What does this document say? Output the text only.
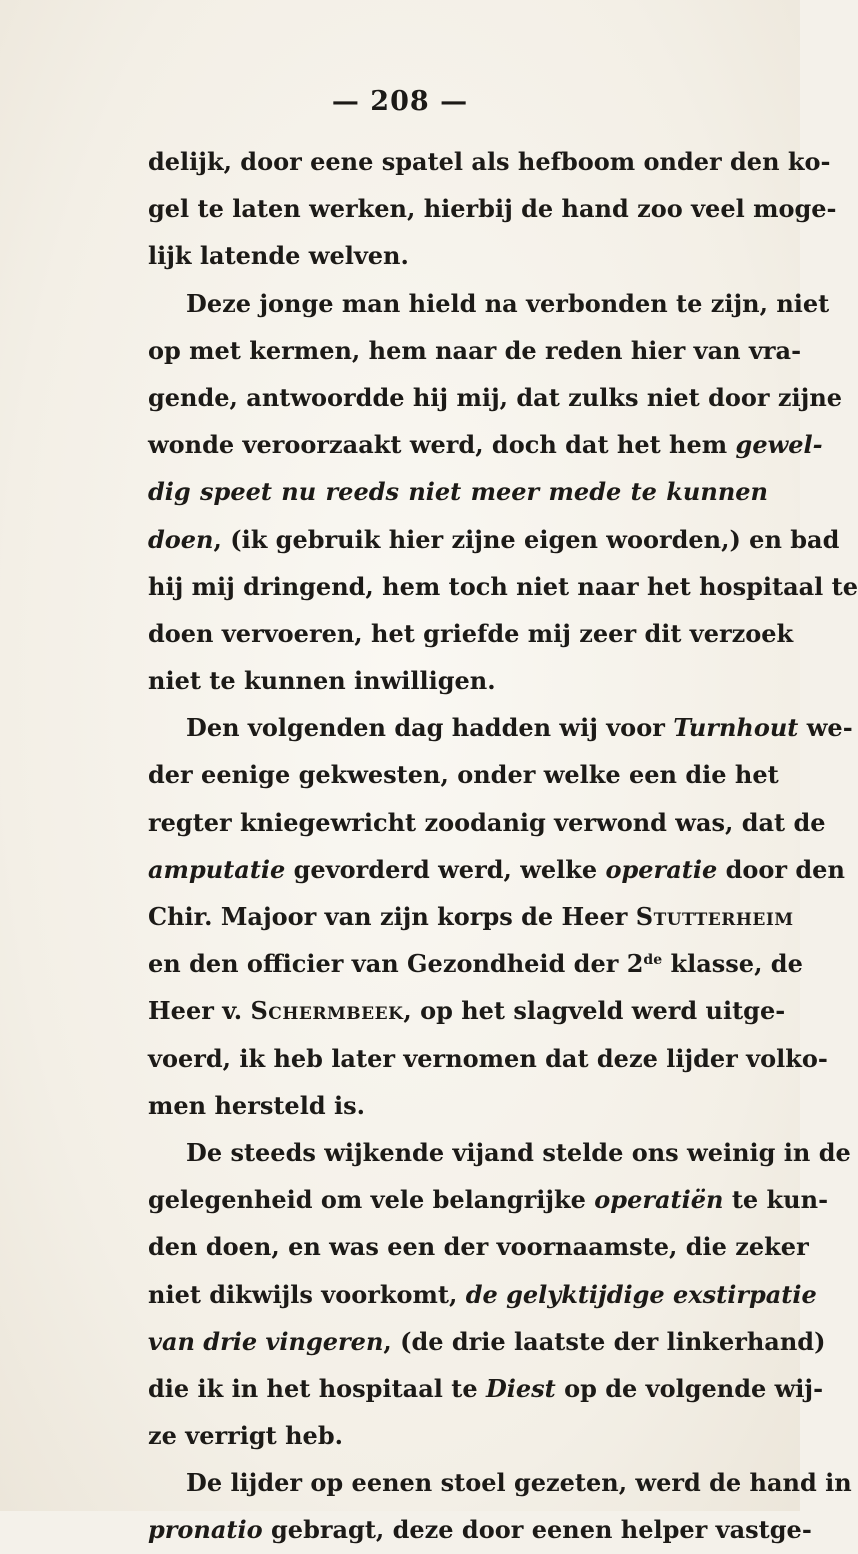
— 208 —
delijk, door eene spatel als hefboom onder den ko-
gel te laten werken, hierbij de hand zoo veel moge-
lijk latende welven.
Deze jonge man hield na verbonden te zijn, niet
op met kermen, hem naar de reden hier van vra-
gende, antwoordde hij mij, dat zulks niet door zijne
wonde veroorzaakt werd, doch dat het hem gewel-
dig speet nu reeds niet meer mede te kunnen
doen, (ik gebruik hier zijne eigen woorden,) en bad
hij mij dringend, hem toch niet naar het hospitaal te
doen vervoeren, het griefde mij zeer dit verzoek
niet te kunnen inwilligen.
Den volgenden dag hadden wij voor Turnhout we-
der eenige gekwesten, onder welke een die het
regter kniegewricht zoodanig verwond was, dat de
amputatie gevorderd werd, welke operatie door den
Chir. Majoor van zijn korps de Heer Stutterheim
en den officier van Gezondheid der 2de klasse, de
Heer v. Schermbeek, op het slagveld werd uitge-
voerd, ik heb later vernomen dat deze lijder volko-
men hersteld is.
De steeds wijkende vijand stelde ons weinig in de
gelegenheid om vele belangrijke operatiën te kun-
den doen, en was een der voornaamste, die zeker
niet dikwijls voorkomt, de gelyktijdige exstirpatie
van drie vingeren, (de drie laatste der linkerhand)
die ik in het hospitaal te Diest op de volgende wij-
ze verrigt heb.
De lijder op eenen stoel gezeten, werd de hand in
pronatio gebragt, deze door eenen helper vastge-
